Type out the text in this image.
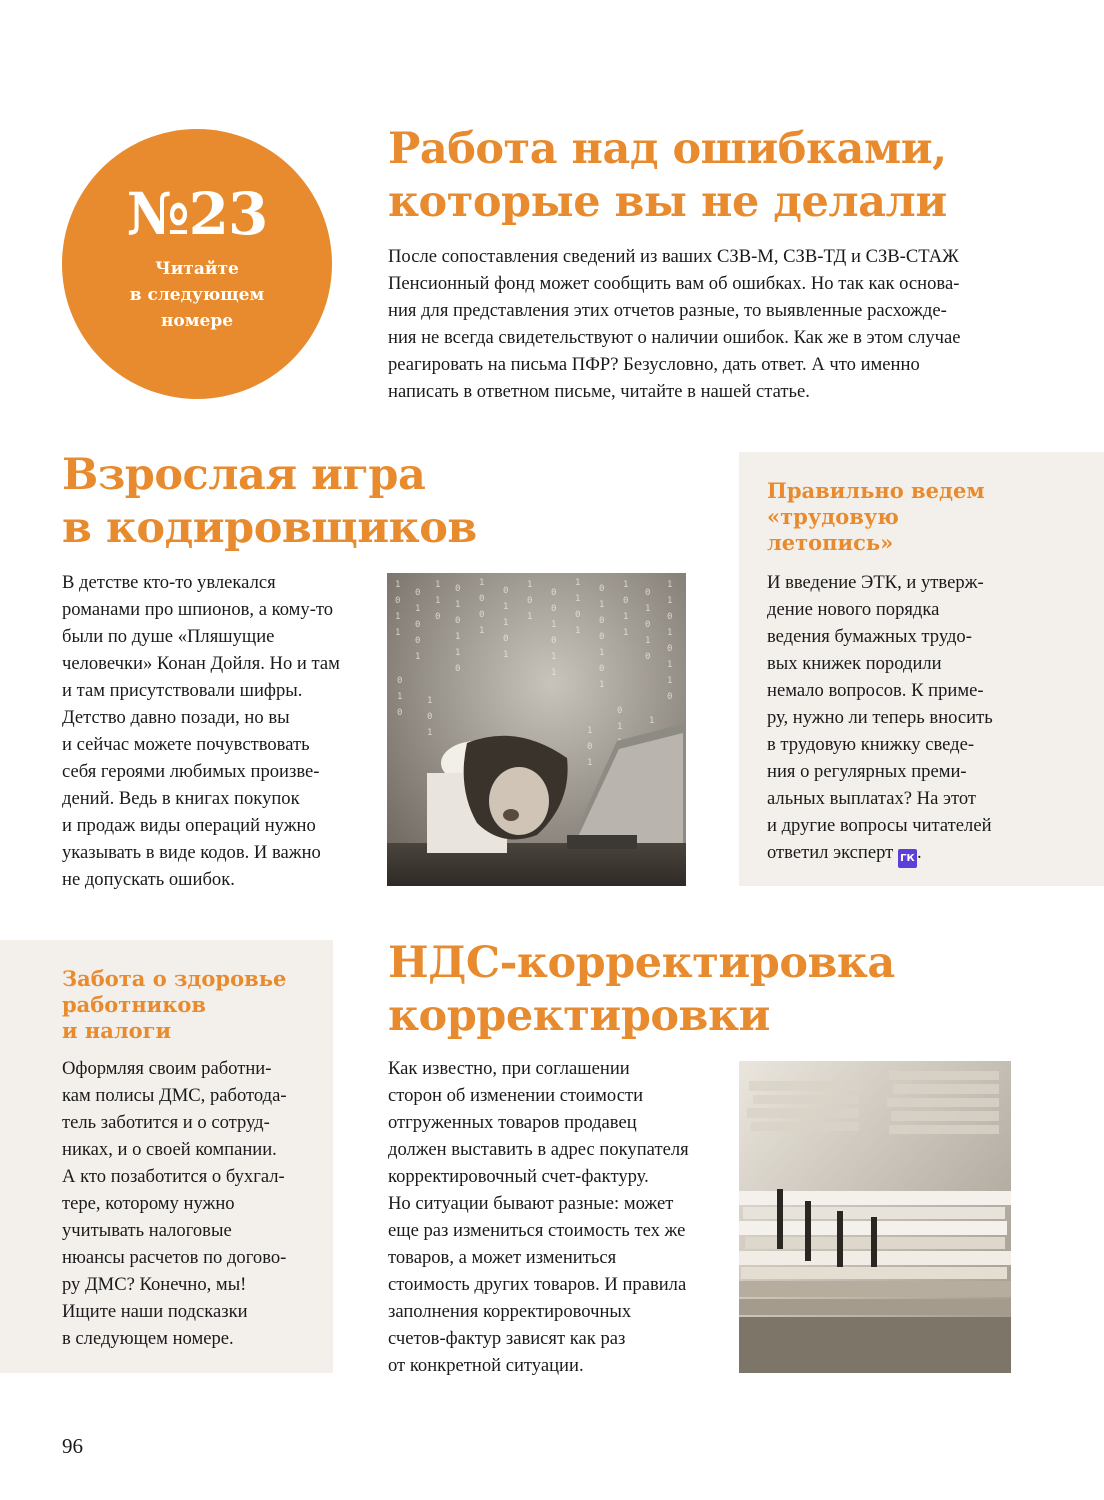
№23
Читайте
в следующем
номере
Работа над ошибками,
которые вы не делали
После сопоставления сведений из ваших СЗВ-М, СЗВ-ТД и СЗВ-СТАЖ
Пенсионный фонд может сообщить вам об ошибках. Но так как основа-
ния для представления этих отчетов разные, то выявленные расхожде-
ния не всегда свидетельствуют о наличии ошибок. Как же в этом случае
реагировать на письма ПФР? Безусловно, дать ответ. А что именно
написать в ответном письме, читайте в нашей статье.
Взрослая игра
в кодировщиков
В детстве кто-то увлекался
романами про шпионов, а кому-то
были по душе «Пляшущие
человечки» Конан Дойля. Но и там
и там присутствовали шифры.
Детство давно позади, но вы
и сейчас можете почувствовать
себя героями любимых произве-
дений. Ведь в книгах покупок
и продаж виды операций нужно
указывать в виде кодов. И важно
не допускать ошибок.
1
0
1
1
0
1
0
0
1
1
1
0
0
1
0
1
1
0
1
0
0
1
0
1
1
0
1
1
0
1
0
0
1
0
1
1
1
1
0
1
0
1
0
0
1
0
1
1
0
1
1
0
1
0
1
0
1
1
0
1
0
1
1
0
0
1
0
1
0
1
0
1
1
1
0
1
Правильно ведем
«трудовую
летопись»
И введение ЭТК, и утверж-
дение нового порядка
ведения бумажных трудо-
вых книжек породили
немало вопросов. К приме-
ру, нужно ли теперь вносить
в трудовую книжку сведе-
ния о регулярных преми-
альных выплатах? На этот
и другие вопросы читателей
ответил эксперт ГК .
Забота о здоровье
работников
и налоги
Оформляя своим работни-
кам полисы ДМС, работода-
тель заботится и о сотруд-
никах, и о своей компании.
А кто позаботится о бухгал-
тере, которому нужно
учитывать налоговые
нюансы расчетов по догово-
ру ДМС? Конечно, мы!
Ищите наши подсказки
в следующем номере.
НДС-корректировка
корректировки
Как известно, при соглашении
сторон об изменении стоимости
отгруженных товаров продавец
должен выставить в адрес покупателя
корректировочный счет-фактуру.
Но ситуации бывают разные: может
еще раз измениться стоимость тех же
товаров, а может измениться
стоимость других товаров. И правила
заполнения корректировочных
счетов-фактур зависят как раз
от конкретной ситуации.
96
